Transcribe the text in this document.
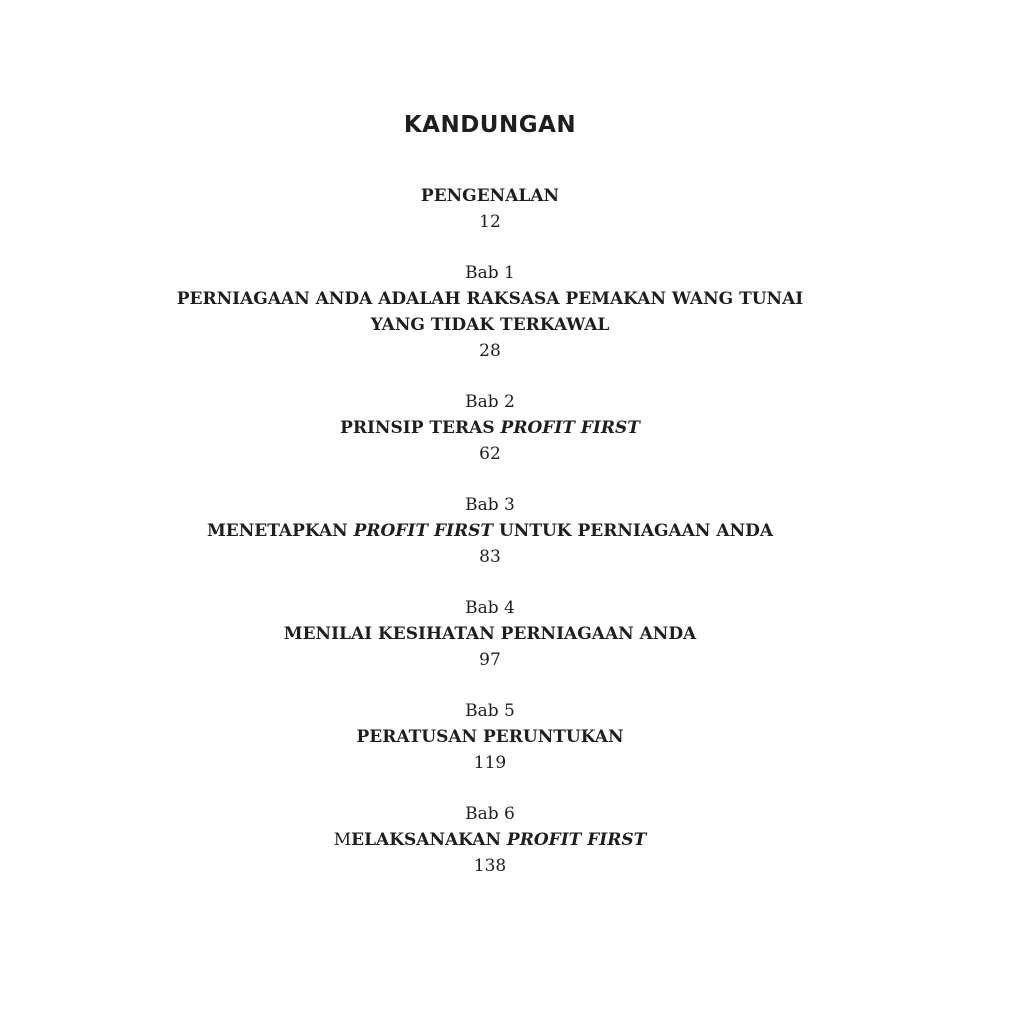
KANDUNGAN
PENGENALAN
12
Bab 1
PERNIAGAAN ANDA ADALAH RAKSASA PEMAKAN WANG TUNAI
YANG TIDAK TERKAWAL
28
Bab 2
PRINSIP TERAS PROFIT FIRST
62
Bab 3
MENETAPKAN PROFIT FIRST UNTUK PERNIAGAAN ANDA
83
Bab 4
MENILAI KESIHATAN PERNIAGAAN ANDA
97
Bab 5
PERATUSAN PERUNTUKAN
119
Bab 6
MELAKSANAKAN PROFIT FIRST
138
